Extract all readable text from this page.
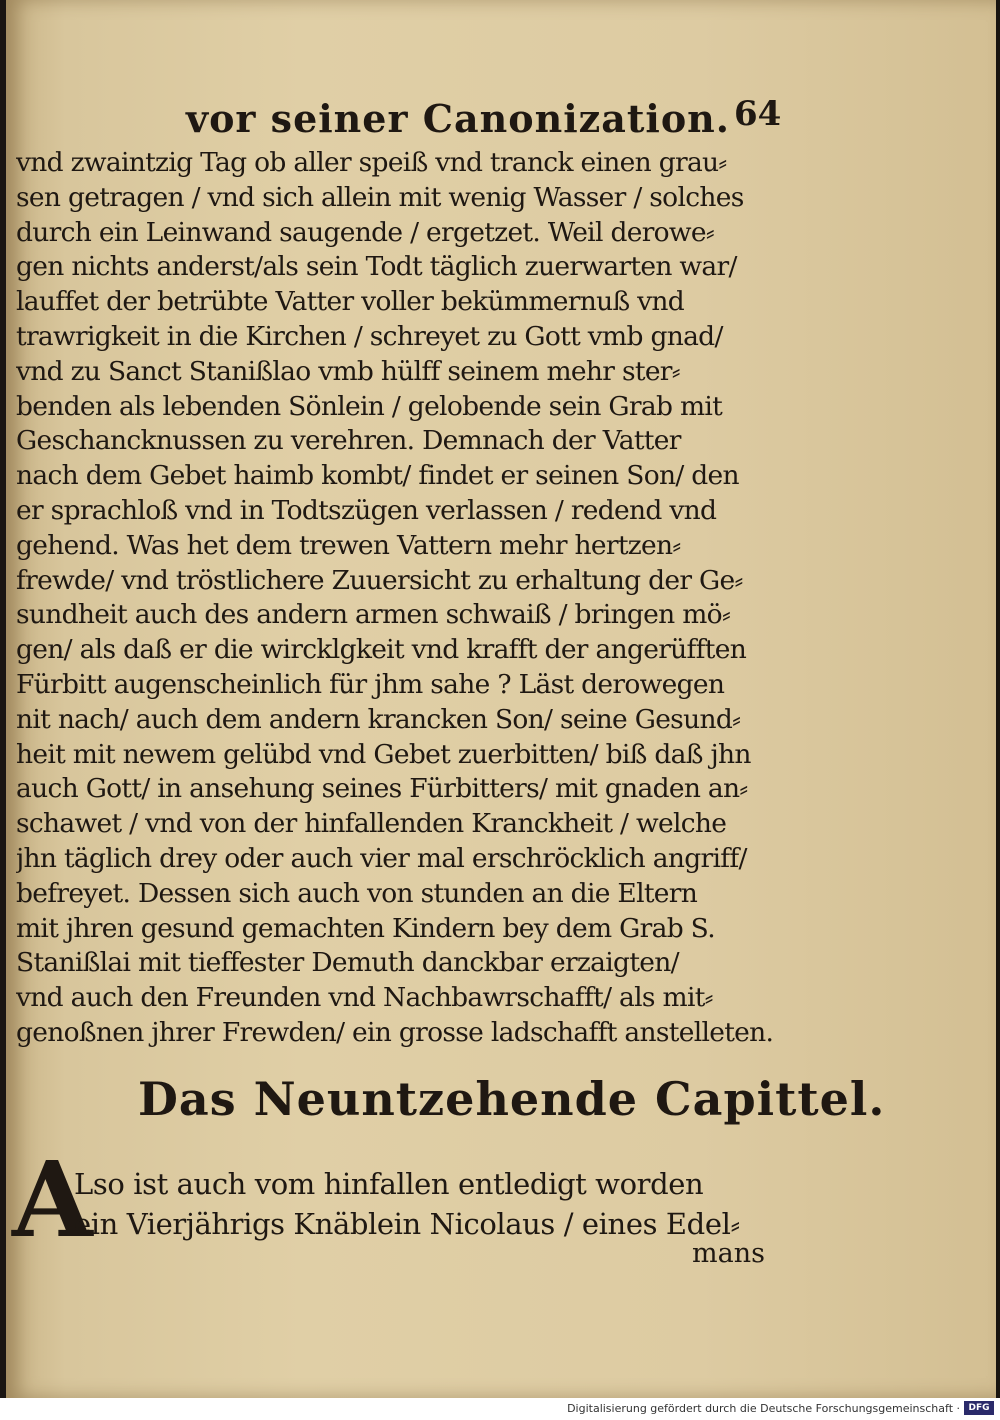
vor seiner Canonization. 64
vnd zwaintzig Tag ob aller speiß vnd tranck einen grau⸗
sen getragen / vnd sich allein mit wenig Wasser / solches
durch ein Leinwand saugende / ergetzet. Weil derowe⸗
gen nichts anderst/als sein Todt täglich zuerwarten war/
lauffet der betrübte Vatter voller bekümmernuß vnd
trawrigkeit in die Kirchen / schreyet zu Gott vmb gnad/
vnd zu Sanct Stanißlao vmb hülff seinem mehr ster⸗
benden als lebenden Sönlein / gelobende sein Grab mit
Geschancknussen zu verehren. Demnach der Vatter
nach dem Gebet haimb kombt/ findet er seinen Son/ den
er sprachloß vnd in Todtszügen verlassen / redend vnd
gehend. Was het dem trewen Vattern mehr hertzen⸗
frewde/ vnd tröstlichere Zuuersicht zu erhaltung der Ge⸗
sundheit auch des andern armen schwaiß / bringen mö⸗
gen/ als daß er die wircklgkeit vnd krafft der angerüfften
Fürbitt augenscheinlich für jhm sahe ? Läst derowegen
nit nach/ auch dem andern krancken Son/ seine Gesund⸗
heit mit newem gelübd vnd Gebet zuerbitten/ biß daß jhn
auch Gott/ in ansehung seines Fürbitters/ mit gnaden an⸗
schawet / vnd von der hinfallenden Kranckheit / welche
jhn täglich drey oder auch vier mal erschröcklich angriff/
befreyet. Dessen sich auch von stunden an die Eltern
mit jhren gesund gemachten Kindern bey dem Grab S.
Stanißlai mit tieffester Demuth danckbar erzaigten/
vnd auch den Freunden vnd Nachbawrschafft/ als mit⸗
genoßnen jhrer Frewden/ ein grosse ladschafft anstelleten.
Das Neuntzehende Capittel.
A
Lso ist auch vom hinfallen entledigt worden
ein Vierjährigs Knäblein Nicolaus / eines Edel⸗
mans
Digitalisierung gefördert durch die Deutsche Forschungsgemeinschaft · DFG
